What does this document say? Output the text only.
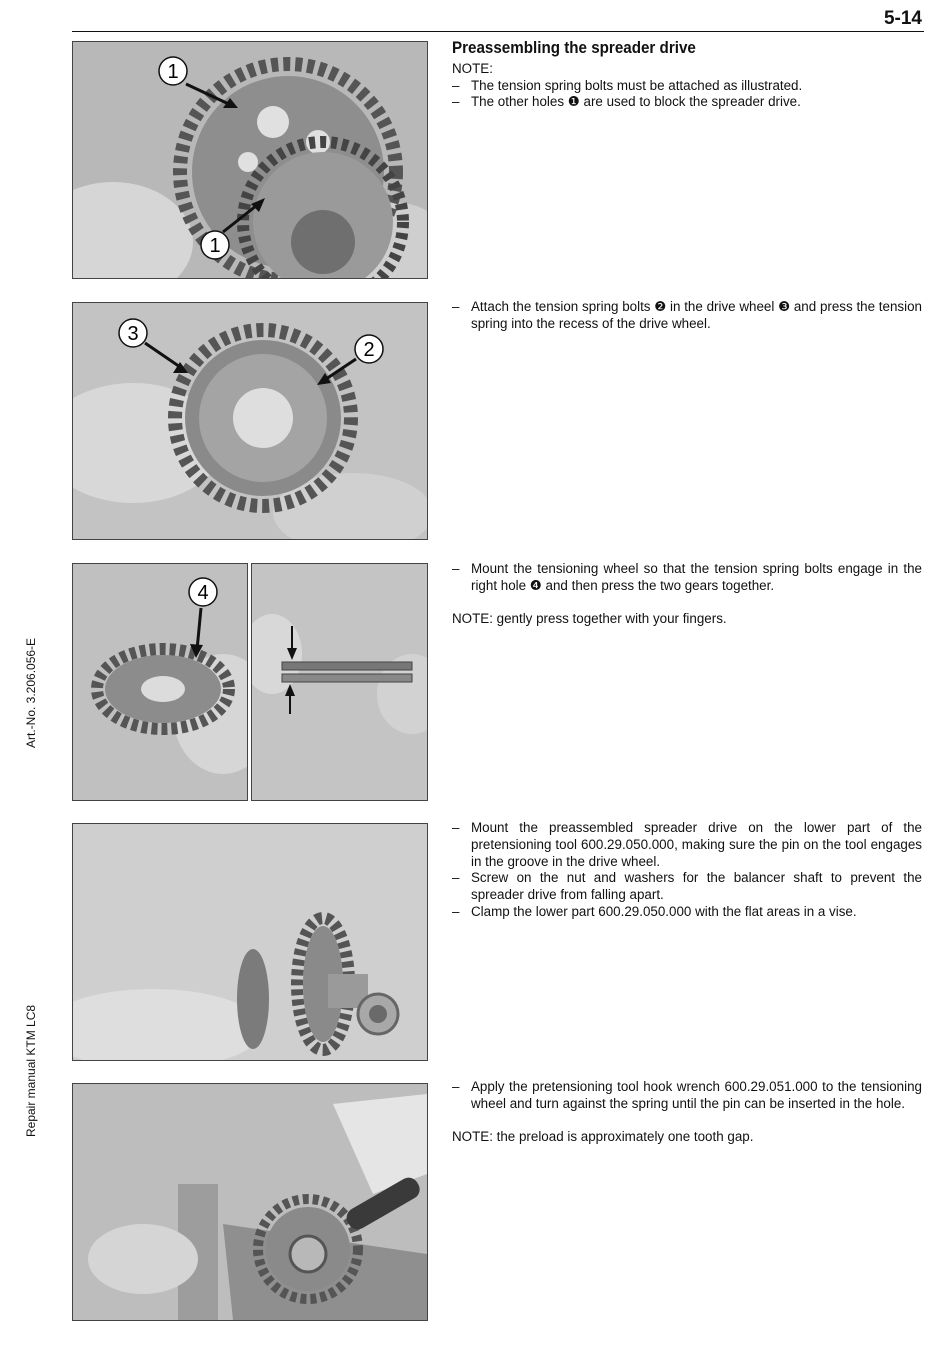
5-14
Art.-No. 3.206.056-E
Repair manual KTM LC8
1
1
3
2
4
Preassembling the spreader drive
NOTE:
– The tension spring bolts must be attached as illustrated.
– The other holes ❶ are used to block the spreader drive.
– Attach the tension spring bolts ❷ in the drive wheel ❸ and press the tension spring into the recess of the drive wheel.
– Mount the tensioning wheel so that the tension spring bolts engage in the right hole ❹ and then press the two gears together.
NOTE: gently press together with your fingers.
– Mount the preassembled spreader drive on the lower part of the pretensioning tool 600.29.050.000, making sure the pin on the tool engages in the groove in the drive wheel.
– Screw on the nut and washers for the balancer shaft to prevent the spreader drive from falling apart.
– Clamp the lower part 600.29.050.000 with the flat areas in a vise.
– Apply the pretensioning tool hook wrench 600.29.051.000 to the tensioning wheel and turn against the spring until the pin can be inserted in the hole.
NOTE: the preload is approximately one tooth gap.
